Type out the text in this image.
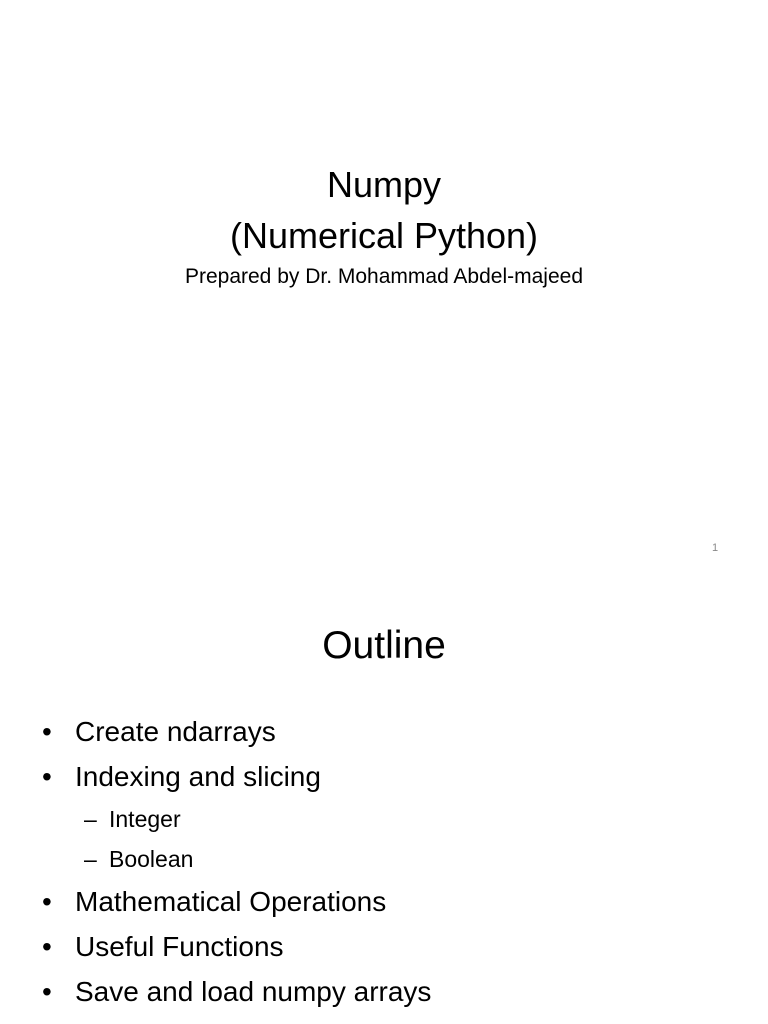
Numpy
(Numerical Python)
Prepared by Dr. Mohammad Abdel-majeed
1
Outline
• Create ndarrays
• Indexing and slicing
– Integer
– Boolean
• Mathematical Operations
• Useful Functions
• Save and load numpy arrays
